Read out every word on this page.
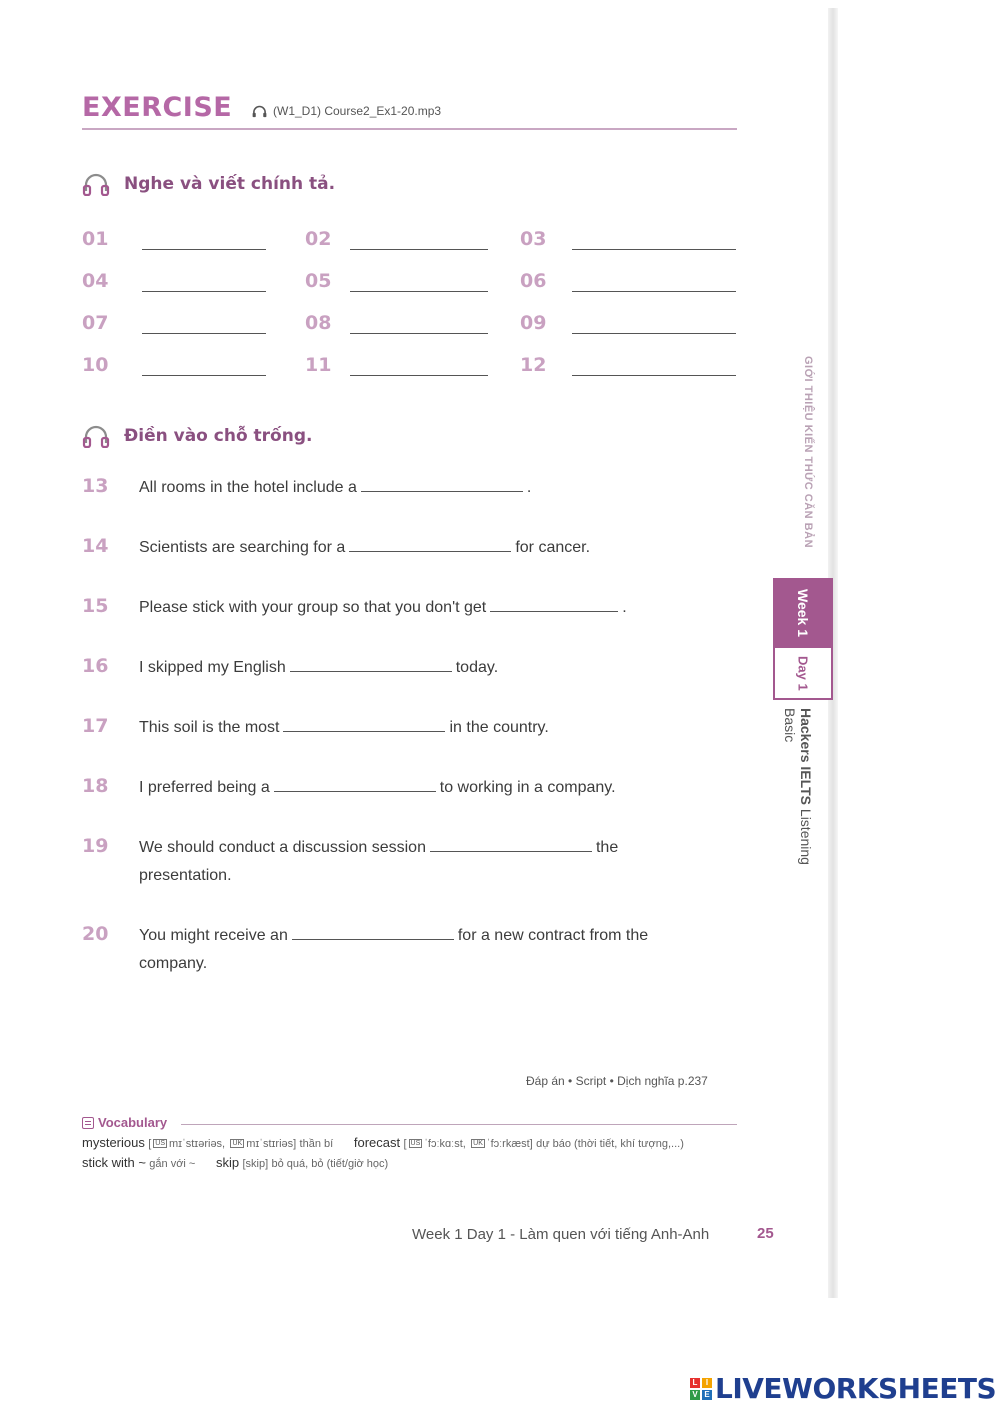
EXERCISE	(W1_D1) Course2_Ex1-20.mp3
Nghe và viết chính tả.
01	02	03
04	05	06
07	08	09
10	11	12
Điền vào chỗ trống.
13	All rooms in the hotel include a	.
14	Scientists are searching for a	for cancer.
15	Please stick with your group so that you don't get	.
16	I skipped my English	today.
17	This soil is the most	in the country.
18	I preferred being a	to working in a company.
19	We should conduct a discussion session	the presentation.
20	You might receive an	for a new contract from the company.
GIỚI THIỆU KIẾN THỨC CĂN BẢN
Week 1
Day 1
Hackers IELTS Listening Basic
Đáp án • Script • Dịch nghĩa p.237
Vocabulary
mysterious [ US mɪˈstɪəriəs, UK mɪˈstɪriəs] thần bí forecast [ US ˈfɔːkɑːst, UK ˈfɔːrkæst] dự báo (thời tiết, khí tượng,...)
stick with ~ gắn với ~ skip [skip] bỏ quá, bỏ (tiết/giờ học)
Week 1 Day 1 - Làm quen với tiếng Anh-Anh	25
L	I
V E LIVEWORKSHEETS
